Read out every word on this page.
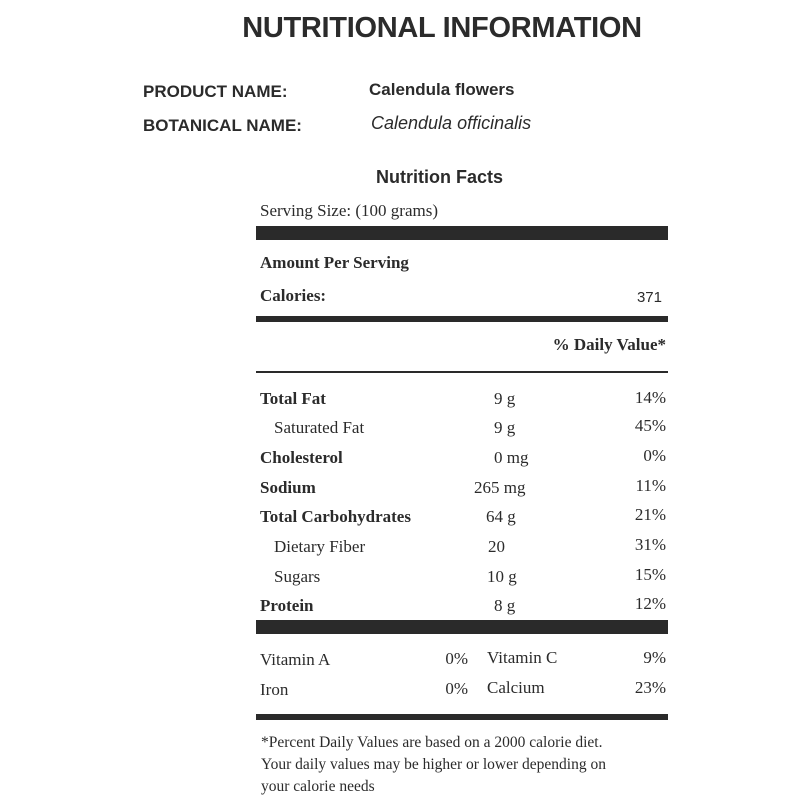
NUTRITIONAL INFORMATION
PRODUCT NAME:	Calendula flowers
BOTANICAL NAME:	Calendula officinalis
Nutrition Facts
Serving Size: (100 grams)
Amount Per Serving
Calories:	371
% Daily Value*
Total Fat	9 g	14%
Saturated Fat	9 g	45%
Cholesterol	0 mg	0%
Sodium	265 mg	11%
Total Carbohydrates	64 g	21%
Dietary Fiber	20	31%
Sugars	10 g	15%
Protein	8 g	12%
Vitamin A	0% Vitamin C	9%
Iron	0% Calcium	23%
*Percent Daily Values are based on a 2000 calorie diet.
Your daily values may be higher or lower depending on
your calorie needs
